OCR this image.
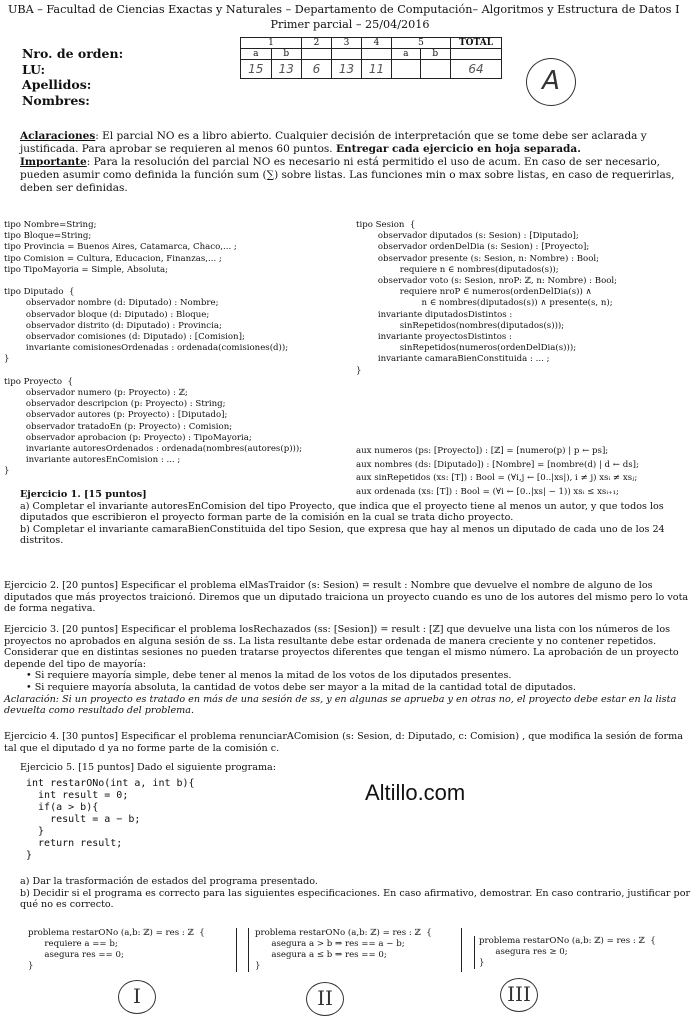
UBA – Facultad de Ciencias Exactas y Naturales – Departamento de Computación– Algoritmos y Estructura de Datos I
Primer parcial – 25/04/2016
Nro. de orden:
LU:
Apellidos:
Nombres:
1		2	3	4	5		TOTAL
a	b				a	b	
15	13	6	13	11			64	A
Aclaraciones: El parcial NO es a libro abierto. Cualquier decisión de interpretación que se tome debe ser aclarada y justificada. Para aprobar se requieren al menos 60 puntos. Entregar cada ejercicio en hoja separada.
Importante: Para la resolución del parcial NO es necesario ni está permitido el uso de acum. En caso de ser necesario, pueden asumir como definida la función sum (∑) sobre listas. Las funciones min o max sobre listas, en caso de requerirlas, deben ser definidas.
tipo Nombre=String;
tipo Bloque=String;
tipo Provincia = Buenos Aires, Catamarca, Chaco,... ;
tipo Comision = Cultura, Educacion, Finanzas,... ;
tipo TipoMayoria = Simple, Absoluta;

tipo Diputado  {
observador nombre (d: Diputado) : Nombre;
observador bloque (d: Diputado) : Bloque;
observador distrito (d: Diputado) : Provincia;
observador comisiones (d: Diputado) : [Comision];
invariante comisionesOrdenadas : ordenada(comisiones(d));
}

tipo Proyecto  {
observador numero (p: Proyecto) : ℤ;
observador descripcion (p: Proyecto) : String;
observador autores (p: Proyecto) : [Diputado];
observador tratadoEn (p: Proyecto) : Comision;
observador aprobacion (p: Proyecto) : TipoMayoria;
invariante autoresOrdenados : ordenada(nombres(autores(p)));
invariante autoresEnComision : ... ;
}
tipo Sesion  {
observador diputados (s: Sesion) : [Diputado];
observador ordenDelDia (s: Sesion) : [Proyecto];
observador presente (s: Sesion, n: Nombre) : Bool;
requiere n ∈ nombres(diputados(s));
observador voto (s: Sesion, nroP: ℤ, n: Nombre) : Bool;
requiere nroP ∈ numeros(ordenDelDia(s)) ∧
n ∈ nombres(diputados(s)) ∧ presente(s, n);
invariante diputadosDistintos :
sinRepetidos(nombres(diputados(s)));
invariante proyectosDistintos :
sinRepetidos(numeros(ordenDelDia(s)));
invariante camaraBienConstituida : ... ;
}
aux numeros (ps: [Proyecto]) : [ℤ] = [numero(p) | p ← ps];
aux nombres (ds: [Diputado]) : [Nombre] = [nombre(d) | d ← ds];
aux sinRepetidos (xs: [T]) : Bool = (∀i,j ← [0..|xs|), i ≠ j) xsᵢ ≠ xsⱼ;
aux ordenada (xs: [T]) : Bool = (∀i ← [0..|xs| − 1)) xsᵢ ≤ xsᵢ₊₁;
Ejercicio 1. [15 puntos]
a) Completar el invariante autoresEnComision del tipo Proyecto, que indica que el proyecto tiene al menos un autor, y que todos los diputados que escribieron el proyecto forman parte de la comisión en la cual se trata dicho proyecto.
b) Completar el invariante camaraBienConstituida del tipo Sesion, que expresa que hay al menos un diputado de cada uno de los 24 distritos.
Ejercicio 2. [20 puntos] Especificar el problema elMasTraidor (s: Sesion) = result : Nombre que devuelve el nombre de alguno de los diputados que más proyectos traicionó. Diremos que un diputado traiciona un proyecto cuando es uno de los autores del mismo pero lo vota de forma negativa.
Ejercicio 3. [20 puntos] Especificar el problema losRechazados (ss: [Sesion]) = result : [ℤ] que devuelve una lista con los números de los proyectos no aprobados en alguna sesión de ss. La lista resultante debe estar ordenada de manera creciente y no contener repetidos. Considerar que en distintas sesiones no pueden tratarse proyectos diferentes que tengan el mismo número. La aprobación de un proyecto depende del tipo de mayoría:
• Si requiere mayoría simple, debe tener al menos la mitad de los votos de los diputados presentes.
• Si requiere mayoría absoluta, la cantidad de votos debe ser mayor a la mitad de la cantidad total de diputados.
Aclaración: Si un proyecto es tratado en más de una sesión de ss, y en algunas se aprueba y en otras no, el proyecto debe estar en la lista devuelta como resultado del problema.
Ejercicio 4. [30 puntos] Especificar el problema renunciarAComision (s: Sesion, d: Diputado, c: Comision) , que modifica la sesión de forma tal que el diputado d ya no forme parte de la comisión c.
Ejercicio 5. [15 puntos] Dado el siguiente programa:
int restarONo(int a, int b){
int result = 0;
if(a > b){
result = a − b;
}
return result;
}
Altillo.com
a) Dar la trasformación de estados del programa presentado.
b) Decidir si el programa es correcto para las siguientes especificaciones. En caso afirmativo, demostrar. En caso contrario, justificar por qué no es correcto.
problema restarONo (a,b: ℤ) = res : ℤ  {
requiere a == b;
asegura res == 0;
}
problema restarONo (a,b: ℤ) = res : ℤ  {
asegura a > b ⇒ res == a − b;
asegura a ≤ b ⇒ res == 0;
}
problema restarONo (a,b: ℤ) = res : ℤ  {
asegura res ≥ 0;
}
I	II	III
